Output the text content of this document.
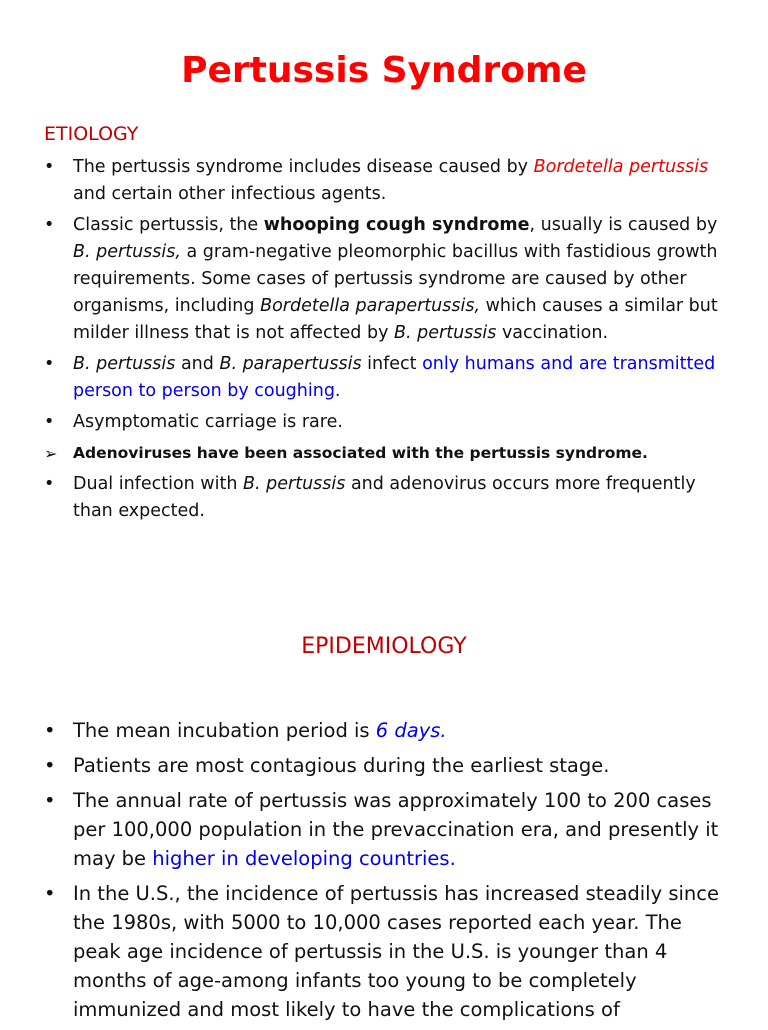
Pertussis Syndrome
ETIOLOGY
• The pertussis syndrome includes disease caused by Bordetella pertussis and certain other infectious agents.
• Classic pertussis, the whooping cough syndrome, usually is caused by B. pertussis, a gram-negative pleomorphic bacillus with fastidious growth requirements. Some cases of pertussis syndrome are caused by other organisms, including Bordetella parapertussis, which causes a similar but milder illness that is not affected by B. pertussis vaccination.
• B. pertussis and B. parapertussis infect only humans and are transmitted person to person by coughing.
• Asymptomatic carriage is rare.
➢ Adenoviruses have been associated with the pertussis syndrome.
• Dual infection with B. pertussis and adenovirus occurs more frequently than expected.
EPIDEMIOLOGY
• The mean incubation period is 6 days.
• Patients are most contagious during the earliest stage.
• The annual rate of pertussis was approximately 100 to 200 cases per 100,000 population in the prevaccination era, and presently it may be higher in developing countries.
• In the U.S., the incidence of pertussis has increased steadily since the 1980s, with 5000 to 10,000 cases reported each year. The peak age incidence of pertussis in the U.S. is younger than 4 months of age-among infants too young to be completely immunized and most likely to have the complications of
